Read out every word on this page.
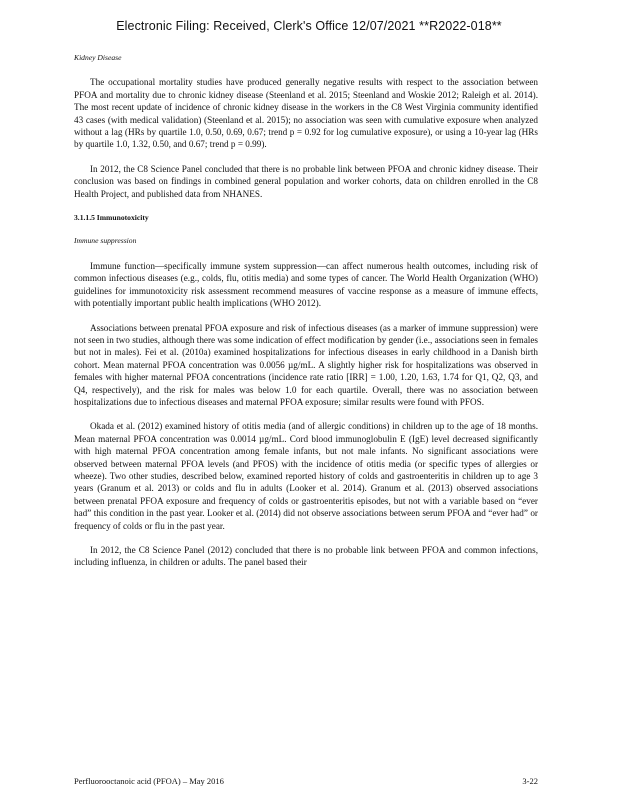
Electronic Filing: Received, Clerk's Office 12/07/2021 **R2022-018**
Kidney Disease

The occupational mortality studies have produced generally negative results with respect to the association between PFOA and mortality due to chronic kidney disease (Steenland et al. 2015; Steenland and Woskie 2012; Raleigh et al. 2014). The most recent update of incidence of chronic kidney disease in the workers in the C8 West Virginia community identified 43 cases (with medical validation) (Steenland et al. 2015); no association was seen with cumulative exposure when analyzed without a lag (HRs by quartile 1.0, 0.50, 0.69, 0.67; trend p = 0.92 for log cumulative exposure), or using a 10-year lag (HRs by quartile 1.0, 1.32, 0.50, and 0.67; trend p = 0.99).

In 2012, the C8 Science Panel concluded that there is no probable link between PFOA and chronic kidney disease. Their conclusion was based on findings in combined general population and worker cohorts, data on children enrolled in the C8 Health Project, and published data from NHANES.

3.1.1.5 Immunotoxicity
Immune suppression

Immune function—specifically immune system suppression—can affect numerous health outcomes, including risk of common infectious diseases (e.g., colds, flu, otitis media) and some types of cancer. The World Health Organization (WHO) guidelines for immunotoxicity risk assessment recommend measures of vaccine response as a measure of immune effects, with potentially important public health implications (WHO 2012).

Associations between prenatal PFOA exposure and risk of infectious diseases (as a marker of immune suppression) were not seen in two studies, although there was some indication of effect modification by gender (i.e., associations seen in females but not in males). Fei et al. (2010a) examined hospitalizations for infectious diseases in early childhood in a Danish birth cohort. Mean maternal PFOA concentration was 0.0056 µg/mL. A slightly higher risk for hospitalizations was observed in females with higher maternal PFOA concentrations (incidence rate ratio [IRR] = 1.00, 1.20, 1.63, 1.74 for Q1, Q2, Q3, and Q4, respectively), and the risk for males was below 1.0 for each quartile. Overall, there was no association between hospitalizations due to infectious diseases and maternal PFOA exposure; similar results were found with PFOS.

Okada et al. (2012) examined history of otitis media (and of allergic conditions) in children up to the age of 18 months. Mean maternal PFOA concentration was 0.0014 µg/mL. Cord blood immunoglobulin E (IgE) level decreased significantly with high maternal PFOA concentration among female infants, but not male infants. No significant associations were observed between maternal PFOA levels (and PFOS) with the incidence of otitis media (or specific types of allergies or wheeze). Two other studies, described below, examined reported history of colds and gastroenteritis in children up to age 3 years (Granum et al. 2013) or colds and flu in adults (Looker et al. 2014). Granum et al. (2013) observed associations between prenatal PFOA exposure and frequency of colds or gastroenteritis episodes, but not with a variable based on “ever had” this condition in the past year. Looker et al. (2014) did not observe associations between serum PFOA and “ever had” or frequency of colds or flu in the past year.

In 2012, the C8 Science Panel (2012) concluded that there is no probable link between PFOA and common infections, including influenza, in children or adults. The panel based their

Perfluorooctanoic acid (PFOA) – May 2016	3-22
